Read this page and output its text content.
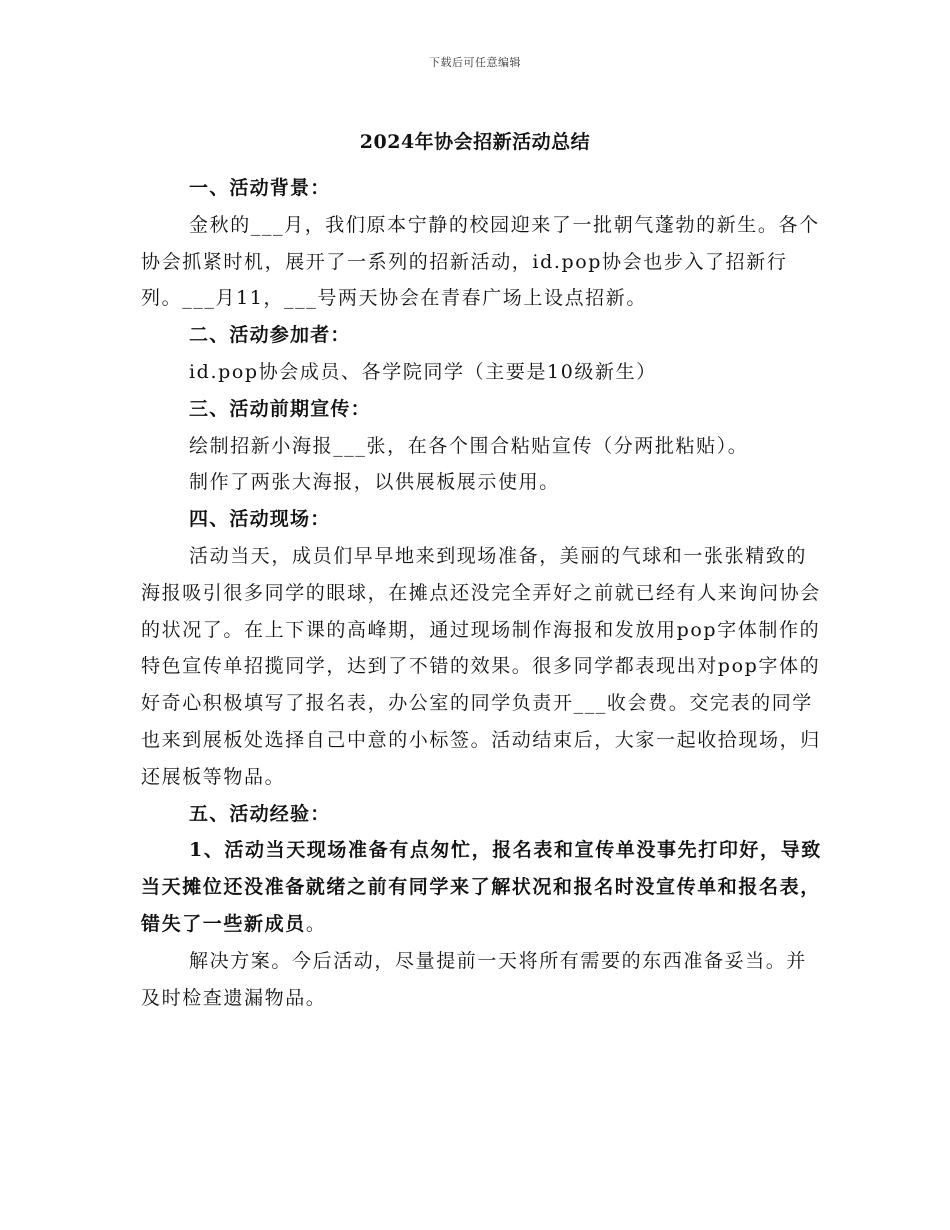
下载后可任意编辑
2024年协会招新活动总结

一、活动背景：

金秋的___月，我们原本宁静的校园迎来了一批朝气蓬勃的新生。各个协会抓紧时机，展开了一系列的招新活动，id.pop协会也步入了招新行列。___月11，___号两天协会在青春广场上设点招新。

二、活动参加者：

id.pop协会成员、各学院同学（主要是10级新生）

三、活动前期宣传：

绘制招新小海报___张，在各个围合粘贴宣传（分两批粘贴）。

制作了两张大海报，以供展板展示使用。

四、活动现场：

活动当天，成员们早早地来到现场准备，美丽的气球和一张张精致的海报吸引很多同学的眼球，在摊点还没完全弄好之前就已经有人来询问协会的状况了。在上下课的高峰期，通过现场制作海报和发放用pop字体制作的特色宣传单招揽同学，达到了不错的效果。很多同学都表现出对pop字体的好奇心积极填写了报名表，办公室的同学负责开___收会费。交完表的同学也来到展板处选择自己中意的小标签。活动结束后，大家一起收拾现场，归还展板等物品。

五、活动经验：

1、活动当天现场准备有点匆忙，报名表和宣传单没事先打印好，导致当天摊位还没准备就绪之前有同学来了解状况和报名时没宣传单和报名表，错失了一些新成员。

解决方案。今后活动，尽量提前一天将所有需要的东西准备妥当。并及时检查遗漏物品。
